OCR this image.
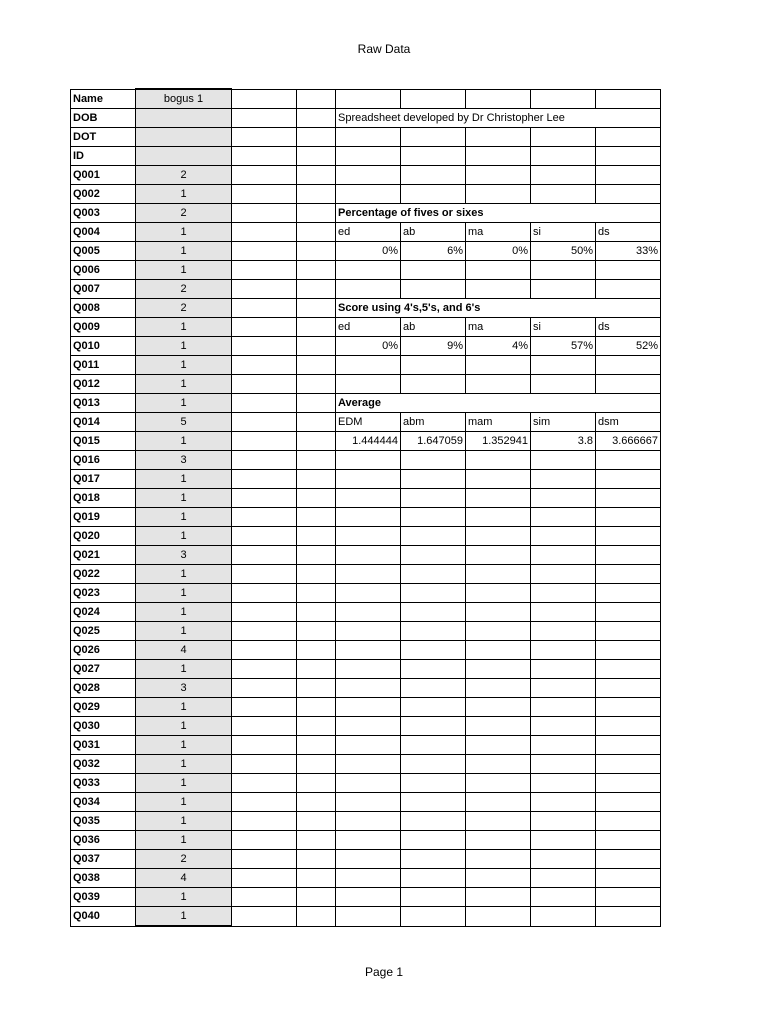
Raw Data
Name	bogus 1							
DOB				Spreadsheet developed by Dr Christopher Lee				
DOT								
ID								
Q001	2							
Q002	1							
Q003	2			Percentage of fives or sixes				
Q004	1			ed	ab	ma	si	ds
Q005	1			0%	6%	0%	50%	33%
Q006	1							
Q007	2							
Q008	2			Score using 4's,5's, and 6's				
Q009	1			ed	ab	ma	si	ds
Q010	1			0%	9%	4%	57%	52%
Q011	1							
Q012	1							
Q013	1			Average				
Q014	5			EDM	abm	mam	sim	dsm
Q015	1			1.444444	1.647059	1.352941	3.8	3.666667
Q016	3							
Q017	1							
Q018	1							
Q019	1							
Q020	1							
Q021	3							
Q022	1							
Q023	1							
Q024	1							
Q025	1							
Q026	4							
Q027	1							
Q028	3							
Q029	1							
Q030	1							
Q031	1							
Q032	1							
Q033	1							
Q034	1							
Q035	1							
Q036	1							
Q037	2							
Q038	4							
Q039	1							
Q040	1							
Page 1
